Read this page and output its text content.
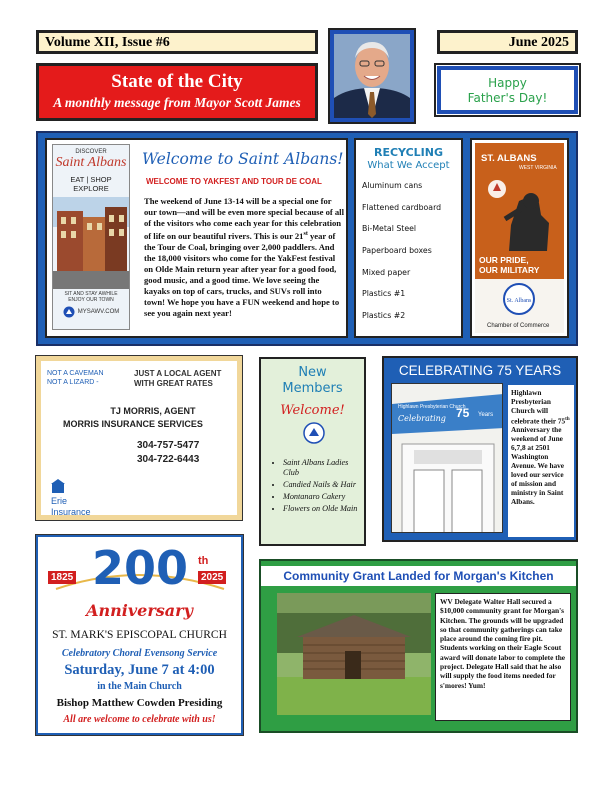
Volume XII, Issue #6	June 2025
State of the City
A monthly message from Mayor Scott James
Happy
Father's Day!
DISCOVER
Saint Albans
EAT | SHOP
EXPLORE
SIT AND STAY AWHILE
ENJOY OUR TOWN
MYSAWV.COM
Welcome to Saint Albans!
WELCOME TO YAKFEST AND TOUR DE COAL
The weekend of June 13-14 will be a special one for our town—and will be even more special because of all of the visitors who come each year for this celebration of life on our beautiful rivers. This is our 21st year of the Tour de Coal, bringing over 2,000 paddlers. And the 18,000 visitors who come for the YakFest festival on Olde Main return year after year for a good food, good music, and a good time. We love seeing the kayaks on top of cars, trucks, and SUVs roll into town! We hope you have a FUN weekend and hope to see you again next year!
RECYCLING
What We Accept
Aluminum cans
Flattened cardboard
Bi-Metal Steel
Paperboard boxes
Mixed paper
Plastics #1
Plastics #2
ST. ALBANS
WEST VIRGINIA
St. Albans
OUR PRIDE,
OUR MILITARY
Chamber of Commerce
NOT A CAVEMAN
NOT A LIZARD -
JUST A LOCAL AGENT
WITH GREAT RATES
TJ MORRIS, AGENT
MORRIS INSURANCE SERVICES
304-757-5477
304-722-6443
Erie
Insurance
New
Members
Welcome!
• Saint Albans Ladies Club
• Candied Nails & Hair
• Montanaro Cakery
• Flowers on Olde Main
CELEBRATING 75 YEARS
Highlawn Presbyterian Church
Celebrating 75 Years
Highlawn Presbyterian Church will celebrate their 75th Anniversary the weekend of June 6,7,8 at 2501 Washington Avenue. We have loved our service of mission and ministry in Saint Albans.
1825 200 th
2025
Anniversary
ST. MARK'S EPISCOPAL CHURCH
Celebratory Choral Evensong Service
Saturday, June 7 at 4:00
in the Main Church
Bishop Matthew Cowden Presiding
All are welcome to celebrate with us!
Community Grant Landed for Morgan's Kitchen
WV Delegate Walter Hall secured a $10,000 community grant for Morgan's Kitchen. The grounds will be upgraded so that community gatherings can take place around the coming fire pit. Students working on their Eagle Scout award will donate labor to complete the project. Delegate Hall said that he also will supply the food items needed for s'mores! Yum!
